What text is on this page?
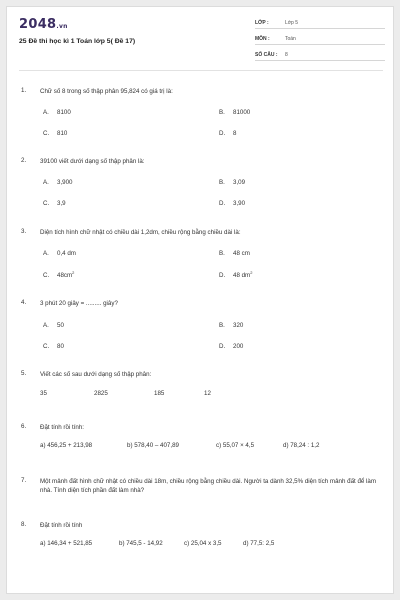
2048.vn
25 Đề thi học kì 1 Toán lớp 5( Đề 17)
LỚP :	Lớp 5
MÔN :	Toán
SỐ CÂU : 8
1. Chữ số 8 trong số thập phân 95,824 có giá trị là:
A. 8100	B. 81000
C. 810	D. 8
2. 39100 viết dưới dạng số thập phân là:
A. 3,900	B. 3,09
C. 3,9	D. 3,90
3. Diện tích hình chữ nhật có chiều dài 1,2dm, chiều rộng bằng chiều dài là:
A. 0,4 dm	B. 48 cm
C. $48cm^2$	D. 48 $dm^2$
4. 3 phút 20 giây = ......... giây?
A. 50	B. 320
C. 80	D. 200
5. Viết các số sau dưới dạng số thập phân:
35	2825	185	12
6. Đặt tính rồi tính:
a) 456,25 + 213,98	b) 578,40 – 407,89	c) 55,07 × 4,5	d) 78,24 : 1,2
7. Một mảnh đất hình chữ nhật có chiều dài 18m, chiều rộng bằng chiều dài. Người ta dành 32,5% diện tích mảnh đất để làm nhà. Tính diện tích phần đất làm nhà?
8. Đặt tính rồi tính
a) 146,34 + 521,85	b) 745,5 - 14,92	c) 25,04 x 3,5	d) 77,5: 2,5
